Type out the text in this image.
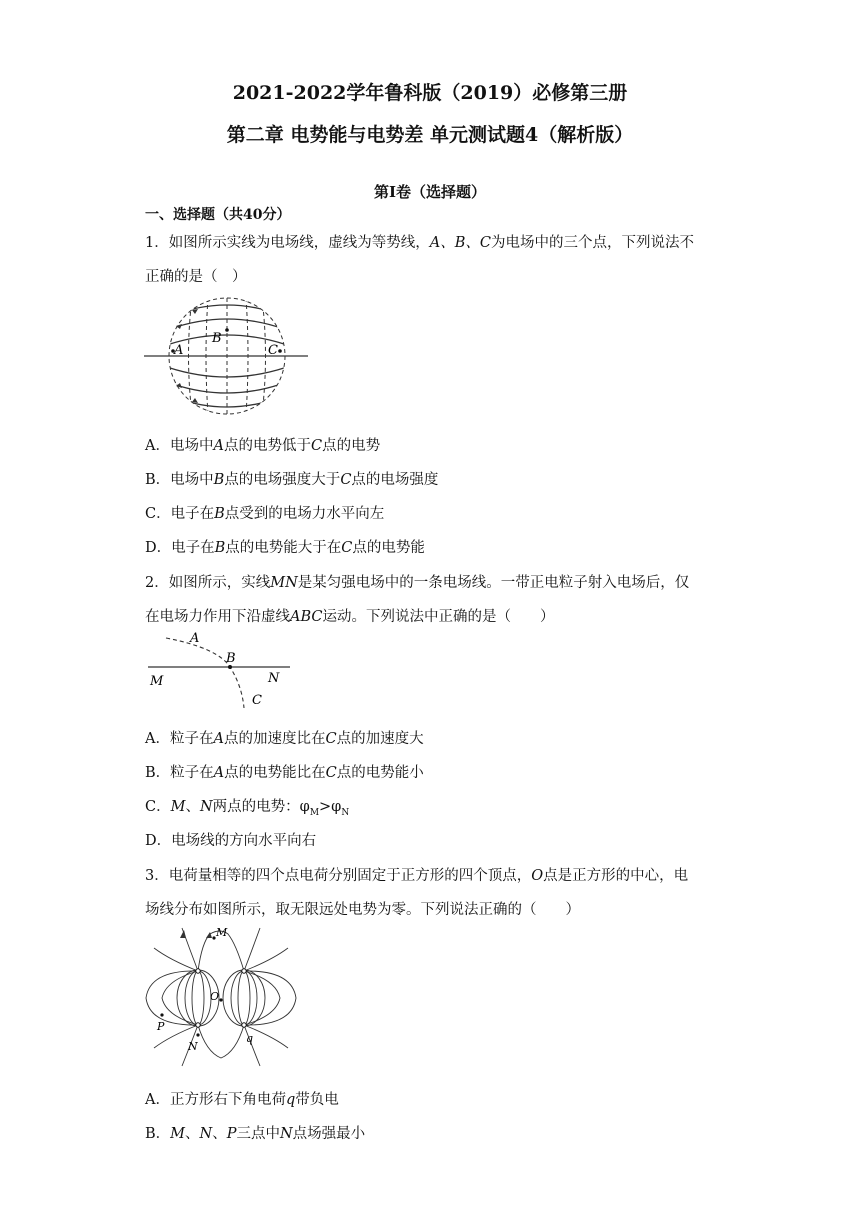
2021-2022学年鲁科版（2019）必修第三册
第二章 电势能与电势差 单元测试题4（解析版）
第Ⅰ卷（选择题）
一、选择题（共40分）
1．如图所示实线为电场线，虚线为等势线，A、B、C为电场中的三个点，下列说法不
正确的是（　）
A
B
C
A．电场中A点的电势低于C点的电势
B．电场中B点的电场强度大于C点的电场强度
C．电子在B点受到的电场力水平向左
D．电子在B点的电势能大于在C点的电势能
2．如图所示，实线MN是某匀强电场中的一条电场线。一带正电粒子射入电场后，仅
在电场力作用下沿虚线ABC运动。下列说法中正确的是（　　）
A
B
C
M	N
A．粒子在A点的加速度比在C点的加速度大
B．粒子在A点的电势能比在C点的电势能小
C．M、N两点的电势：$\varphi_M>\varphi_N$
D．电场线的方向水平向右
3．电荷量相等的四个点电荷分别固定于正方形的四个顶点，O点是正方形的中心，电
场线分布如图所示，取无限远处电势为零。下列说法正确的（　　）
M
O
P
N
q
A．正方形右下角电荷q带负电
B．M、N、P三点中N点场强最小
